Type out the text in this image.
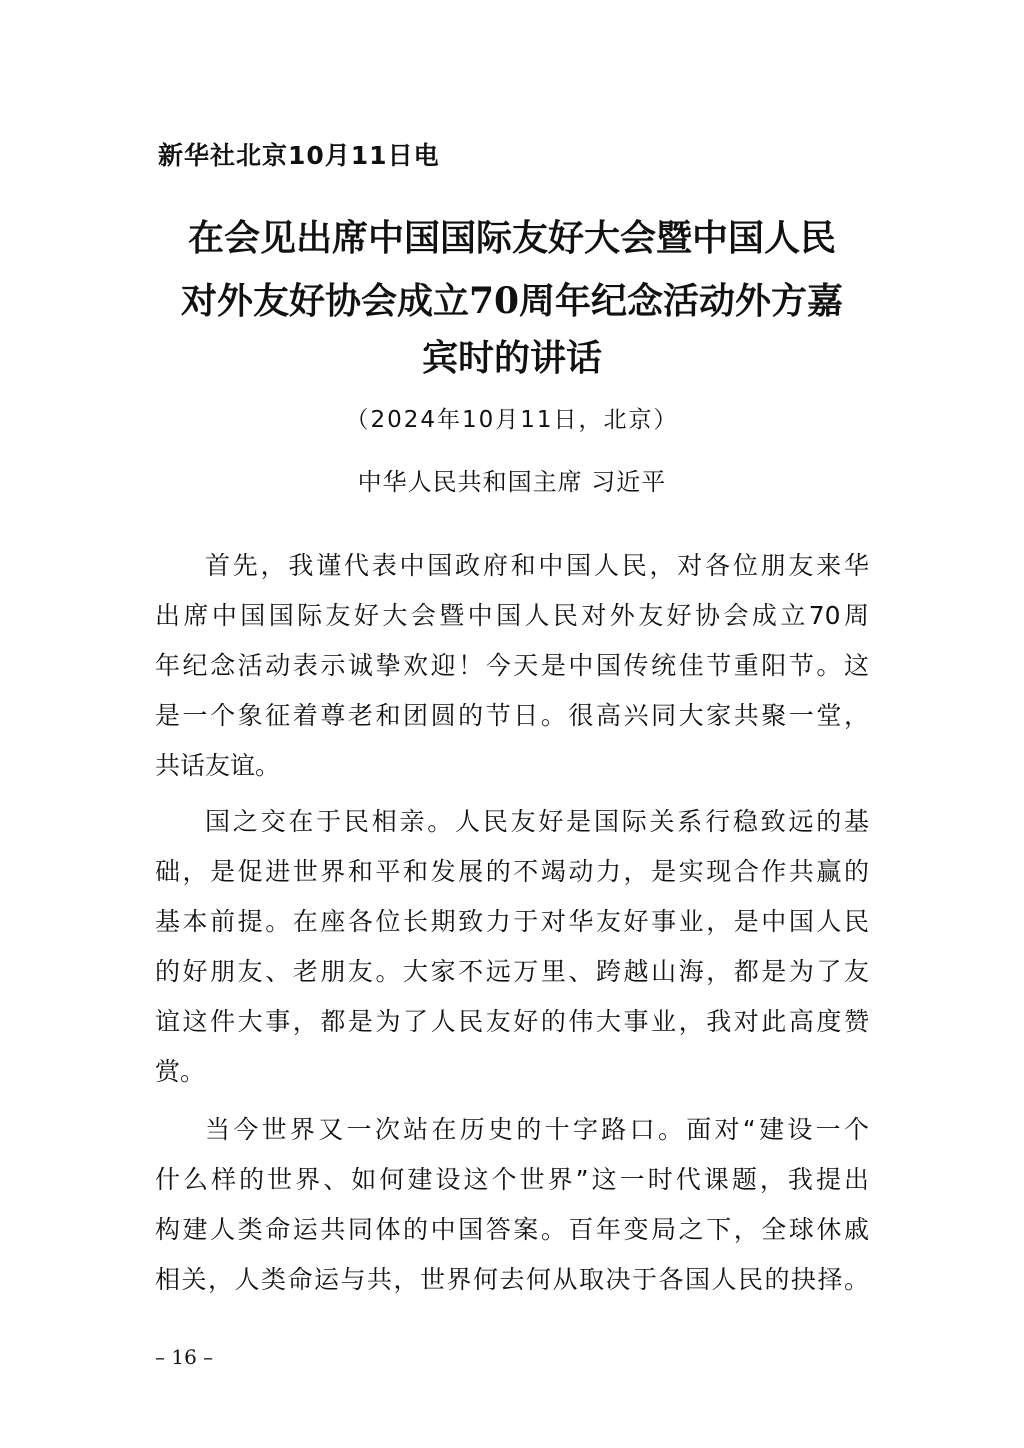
新华社北京10月11日电
在会见出席中国国际友好大会暨中国人民
对外友好协会成立70周年纪念活动外方嘉
宾时的讲话
（2024年10月11日，北京）
中华人民共和国主席 习近平
首先，我谨代表中国政府和中国人民，对各位朋友来华
出席中国国际友好大会暨中国人民对外友好协会成立70周
年纪念活动表示诚挚欢迎！今天是中国传统佳节重阳节。这
是一个象征着尊老和团圆的节日。很高兴同大家共聚一堂，
共话友谊。
国之交在于民相亲。人民友好是国际关系行稳致远的基
础，是促进世界和平和发展的不竭动力，是实现合作共赢的
基本前提。在座各位长期致力于对华友好事业，是中国人民
的好朋友、老朋友。大家不远万里、跨越山海，都是为了友
谊这件大事，都是为了人民友好的伟大事业，我对此高度赞
赏。
当今世界又一次站在历史的十字路口。面对“建设一个
什么样的世界、如何建设这个世界”这一时代课题，我提出
构建人类命运共同体的中国答案。百年变局之下，全球休戚
相关，人类命运与共，世界何去何从取决于各国人民的抉择。
– 16 –
